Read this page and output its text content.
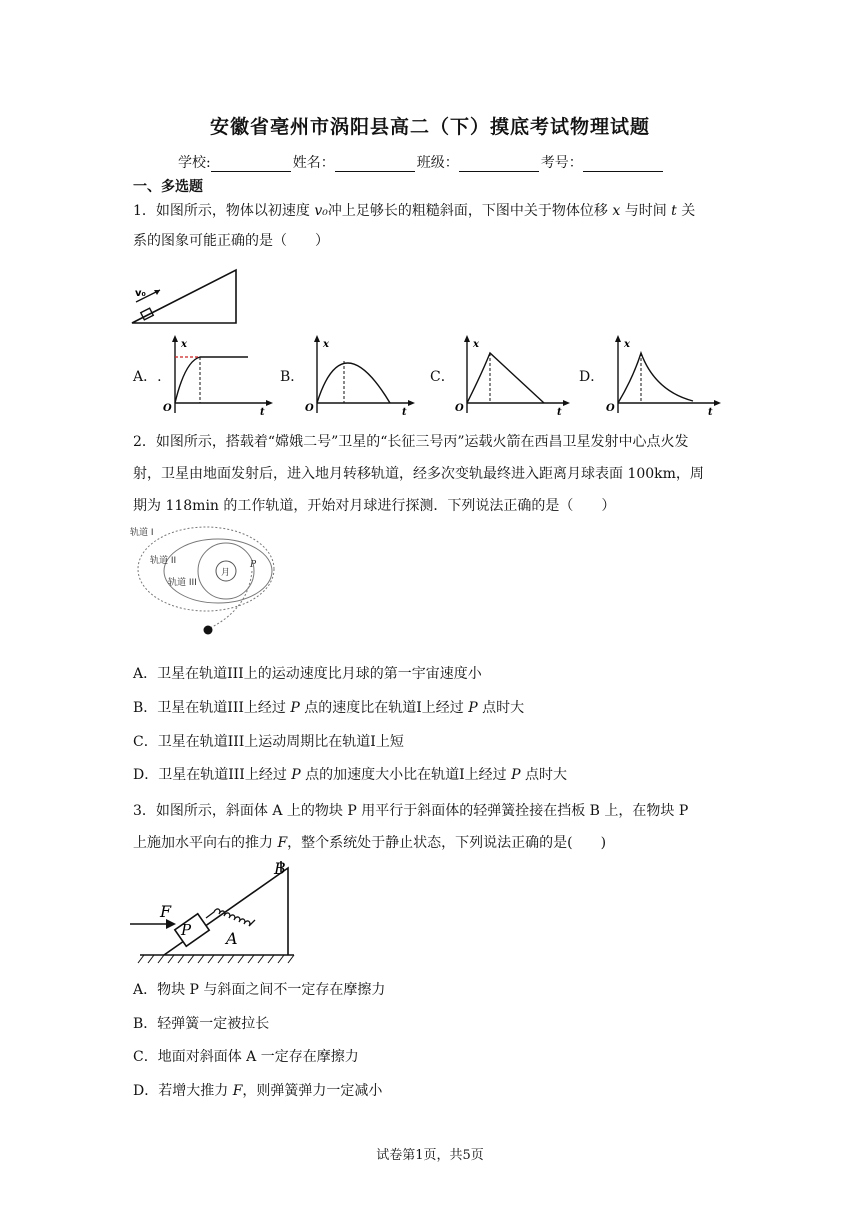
安徽省亳州市涡阳县高二（下）摸底考试物理试题
学校:	姓名：	班级：	考号：
一、多选题
1．如图所示，物体以初速度 v₀冲上足够长的粗糙斜面，下图中关于物体位移 x 与时间 t 关
系的图象可能正确的是（　　）
v₀
A．.
x
t
O
B．
x
t
O
C．
x
t
O
D．
x
t
O
2．如图所示，搭载着“嫦娥二号”卫星的“长征三号丙”运载火箭在西昌卫星发射中心点火发
射，卫星由地面发射后，进入地月转移轨道，经多次变轨最终进入距离月球表面 100km，周
期为 118min 的工作轨道，开始对月球进行探测．下列说法正确的是（　　）
轨道 I
轨道 II
轨道 III
月
P
A．卫星在轨道III上的运动速度比月球的第一宇宙速度小
B．卫星在轨道III上经过 P 点的速度比在轨道I上经过 P 点时大
C．卫星在轨道III上运动周期比在轨道I上短
D．卫星在轨道III上经过 P 点的加速度大小比在轨道I上经过 P 点时大
3．如图所示，斜面体 A 上的物块 P 用平行于斜面体的轻弹簧拴接在挡板 B 上，在物块 P
上施加水平向右的推力 F，整个系统处于静止状态，下列说法正确的是(　　)
F
P A
B
A．物块 P 与斜面之间不一定存在摩擦力
B．轻弹簧一定被拉长
C．地面对斜面体 A 一定存在摩擦力
D．若增大推力 F，则弹簧弹力一定减小
试卷第1页，共5页
